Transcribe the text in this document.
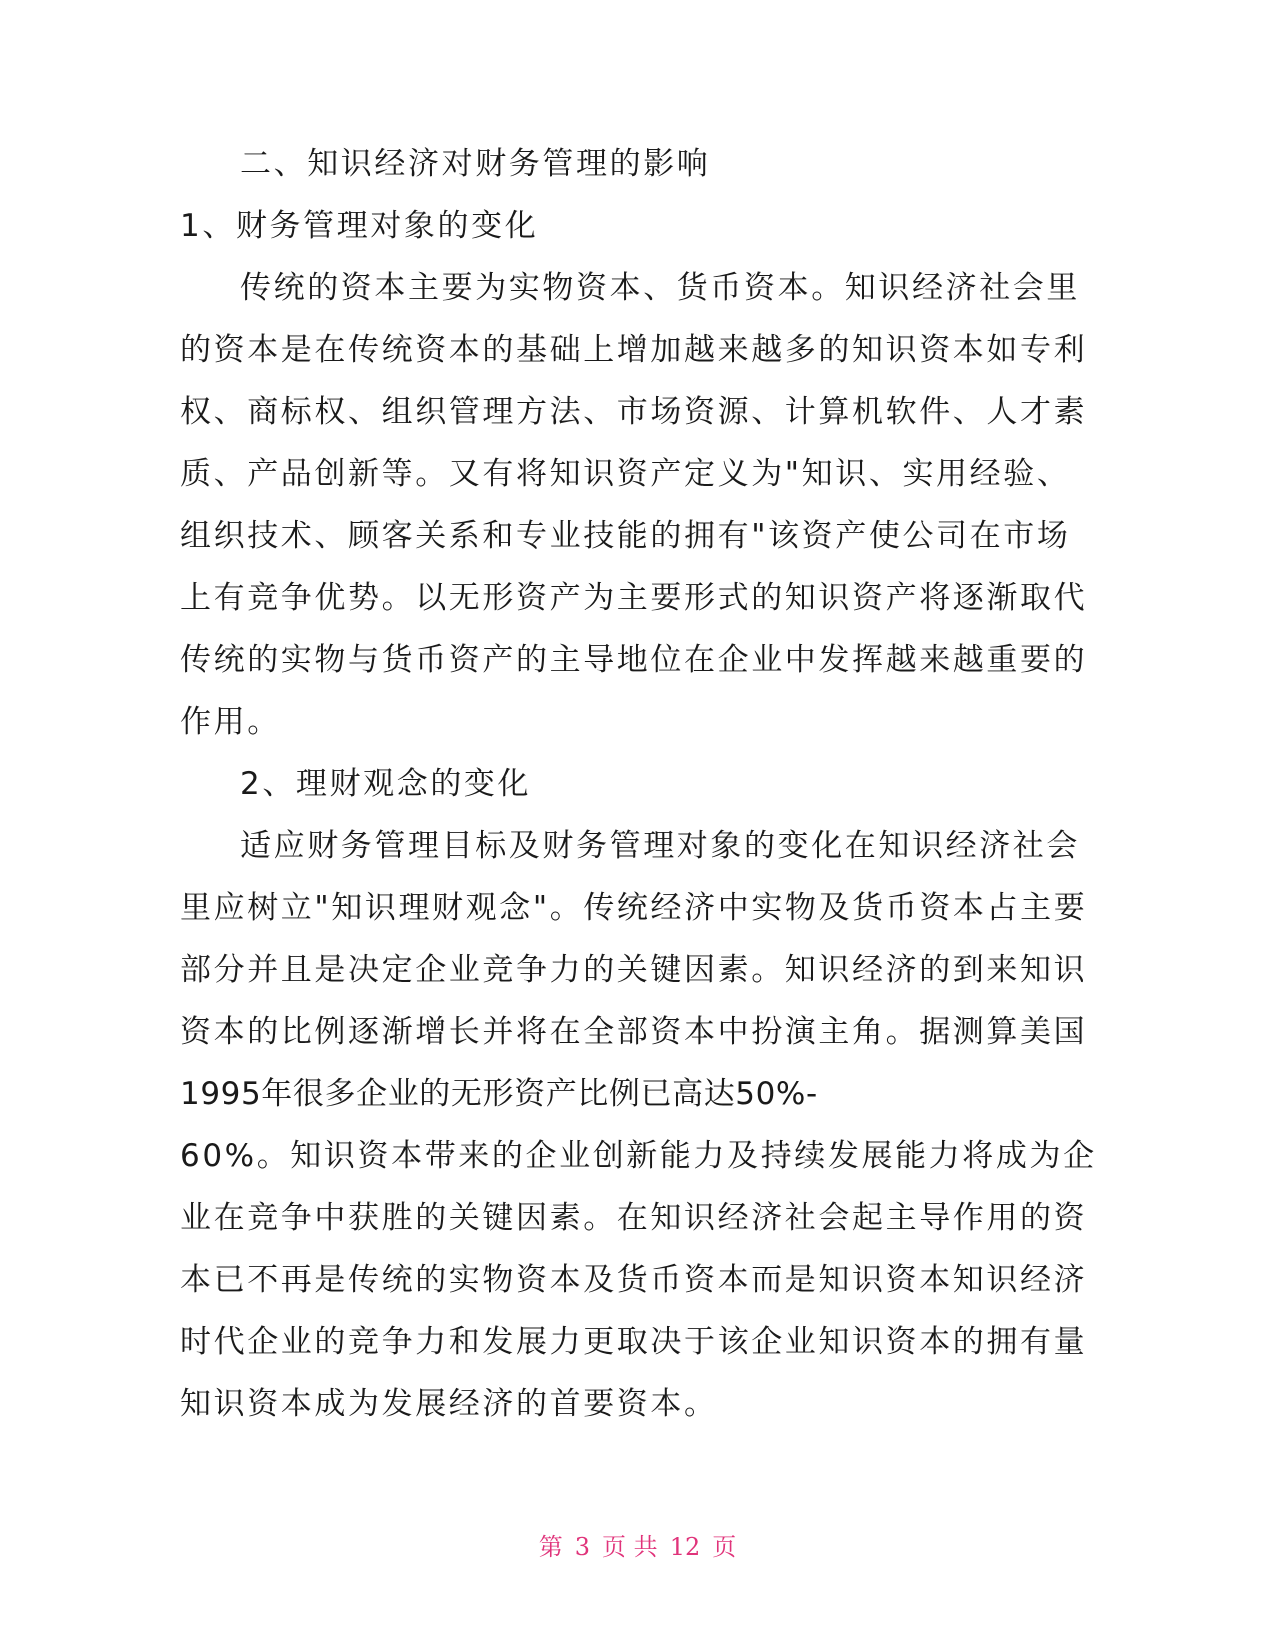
二、知识经济对财务管理的影响
1、财务管理对象的变化
传统的资本主要为实物资本、货币资本。知识经济社会里
的资本是在传统资本的基础上增加越来越多的知识资本如专利
权、商标权、组织管理方法、市场资源、计算机软件、人才素
质、产品创新等。又有将知识资产定义为"知识、实用经验、
组织技术、顾客关系和专业技能的拥有"该资产使公司在市场
上有竞争优势。以无形资产为主要形式的知识资产将逐渐取代
传统的实物与货币资产的主导地位在企业中发挥越来越重要的
作用。
2、理财观念的变化
适应财务管理目标及财务管理对象的变化在知识经济社会
里应树立"知识理财观念"。传统经济中实物及货币资本占主要
部分并且是决定企业竞争力的关键因素。知识经济的到来知识
资本的比例逐渐增长并将在全部资本中扮演主角。据测算美国
1995年很多企业的无形资产比例已高达50%-
60%。知识资本带来的企业创新能力及持续发展能力将成为企
业在竞争中获胜的关键因素。在知识经济社会起主导作用的资
本已不再是传统的实物资本及货币资本而是知识资本知识经济
时代企业的竞争力和发展力更取决于该企业知识资本的拥有量
知识资本成为发展经济的首要资本。
第 3 页 共 12 页
